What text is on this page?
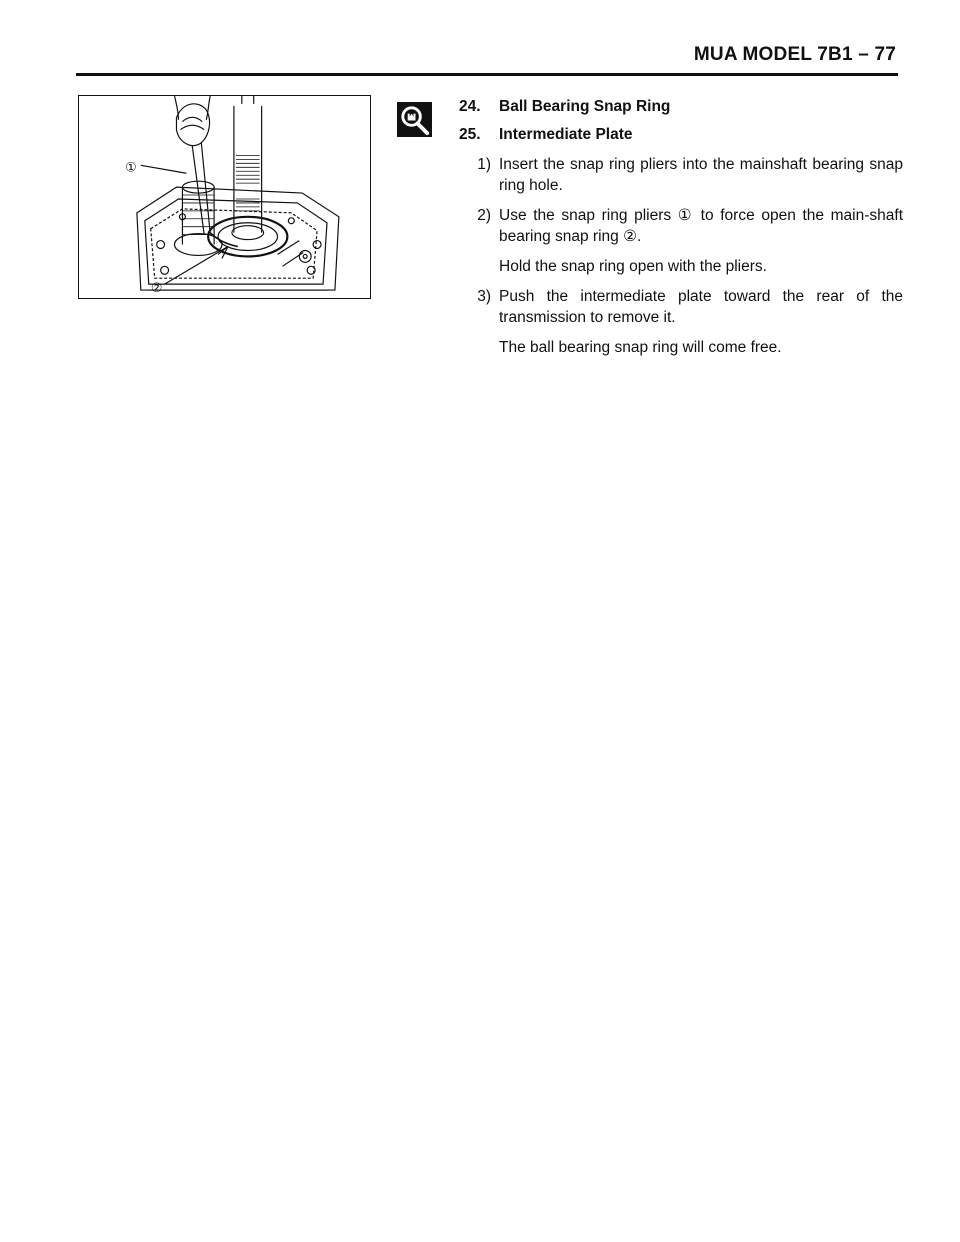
MUA MODEL 7B1 – 77
①
②
24.	Ball Bearing Snap Ring
25.	Intermediate Plate
1) Insert the snap ring pliers into the mainshaft bearing snap ring hole.
2) Use the snap ring pliers ① to force open the main-shaft bearing snap ring ②.
Hold the snap ring open with the pliers.
3) Push the intermediate plate toward the rear of the transmission to remove it.
The ball bearing snap ring will come free.
